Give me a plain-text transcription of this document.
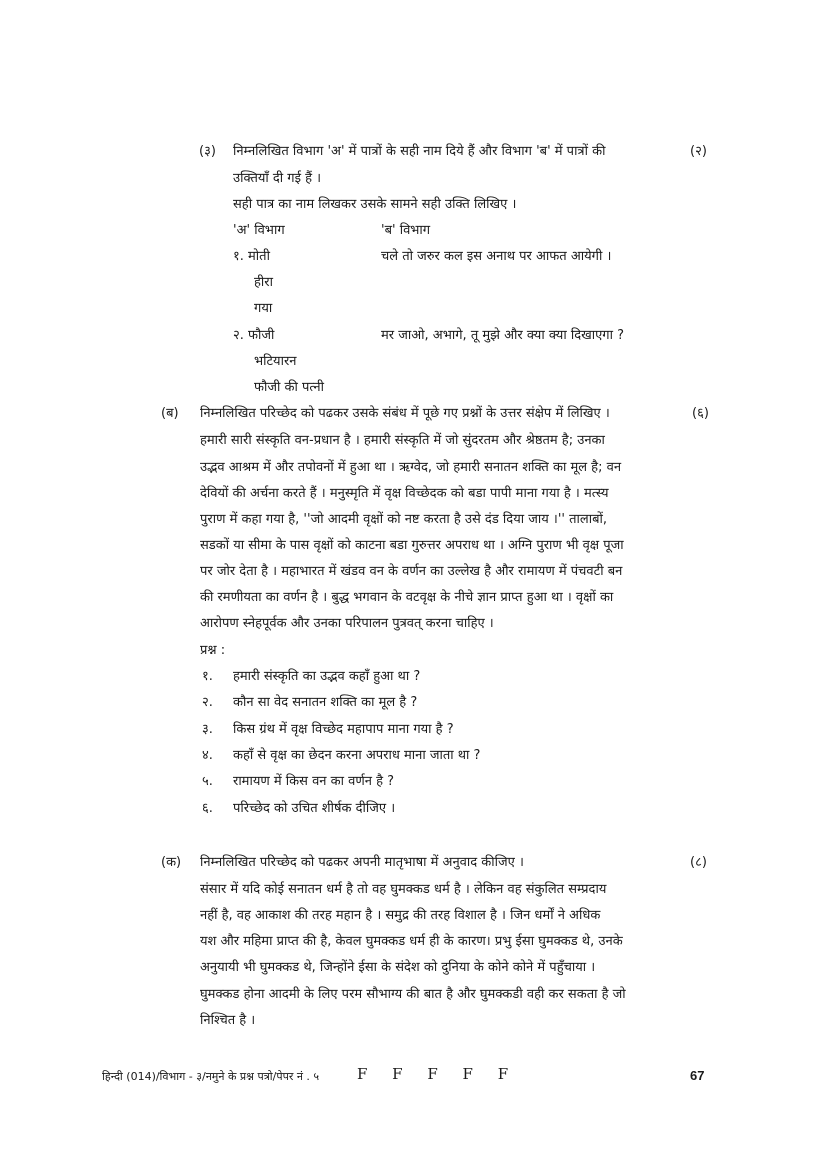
(३) निम्नलिखित विभाग 'अ' में पात्रों के सही नाम दिये हैं और विभाग 'ब' में पात्रों की	(२)
उक्तियाँ दी गई हैं ।
सही पात्र का नाम लिखकर उसके सामने सही उक्ति लिखिए ।
'अ' विभाग	'ब' विभाग
१. मोती	चले तो जरुर कल इस अनाथ पर आफत आयेगी ।
हीरा
गया
२. फौजी	मर जाओ, अभागे, तू मुझे और क्या क्या दिखाएगा ?
भटियारन
फौजी की पत्नी
(ब) निम्नलिखित परिच्छेद को पढकर उसके संबंध में पूछे गए प्रश्नों के उत्तर संक्षेप में लिखिए ।	(६)
हमारी सारी संस्कृति वन-प्रधान है । हमारी संस्कृति में जो सुंदरतम और श्रेष्ठतम है; उनका
उद्भव आश्रम में और तपोवनों में हुआ था । ऋग्वेद, जो हमारी सनातन शक्ति का मूल है; वन
देवियों की अर्चना करते हैं । मनुस्मृति में वृक्ष विच्छेदक को बडा पापी माना गया है । मत्स्य
पुराण में कहा गया है, ''जो आदमी वृक्षों को नष्ट करता है उसे दंड दिया जाय ।'' तालाबों,
सडकों या सीमा के पास वृक्षों को काटना बडा गुरुत्तर अपराध था । अग्नि पुराण भी वृक्ष पूजा
पर जोर देता है । महाभारत में खंडव वन के वर्णन का उल्लेख है और रामायण में पंचवटी बन
की रमणीयता का वर्णन है । बुद्ध भगवान के वटवृक्ष के नीचे ज्ञान प्राप्त हुआ था । वृक्षों का
आरोपण स्नेहपूर्वक और उनका परिपालन पुत्रवत् करना चाहिए ।
प्रश्न :
१. हमारी संस्कृति का उद्भव कहाँ हुआ था ?
२. कौन सा वेद सनातन शक्ति का मूल है ?
३. किस ग्रंथ में वृक्ष विच्छेद महापाप माना गया है ?
४. कहाँ से वृक्ष का छेदन करना अपराध माना जाता था ?
५. रामायण में किस वन का वर्णन है ?
६. परिच्छेद को उचित शीर्षक दीजिए ।
(क) निम्नलिखित परिच्छेद को पढकर अपनी मातृभाषा में अनुवाद कीजिए ।	(८)
संसार में यदि कोई सनातन धर्म है तो वह घुमक्कड धर्म है । लेकिन वह संकुलित सम्प्रदाय
नहीं है, वह आकाश की तरह महान है । समुद्र की तरह विशाल है । जिन धर्मों ने अधिक
यश और महिमा प्राप्त की है, केवल घुमक्कड धर्म ही के कारण। प्रभु ईसा घुमक्कड थे, उनके
अनुयायी भी घुमक्कड थे, जिन्होंने ईसा के संदेश को दुनिया के कोने कोने में पहुँचाया ।
घुमक्कड होना आदमी के लिए परम सौभाग्य की बात है और घुमक्कडी वही कर सकता है जो
निश्चित है ।
हिन्दी (014)/विभाग - ३/नमुने के प्रश्न पत्रो/पेपर नं . ५	F F F F F	67
